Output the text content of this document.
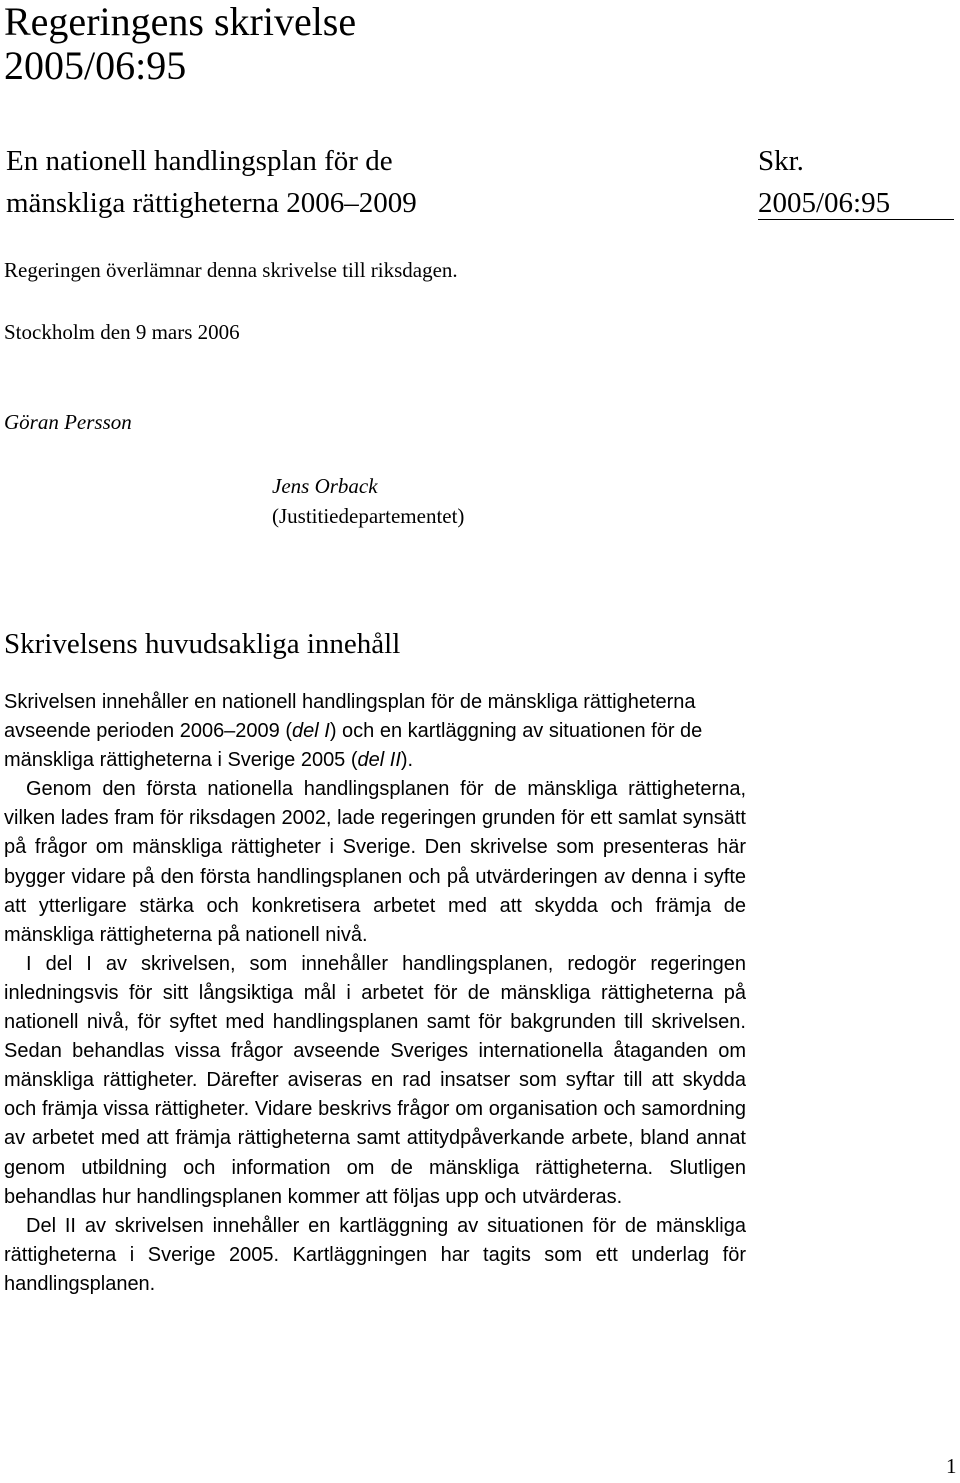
Regeringens skrivelse
2005/06:95
En nationell handlingsplan för de
mänskliga rättigheterna 2006–2009
Skr.
2005/06:95
Regeringen överlämnar denna skrivelse till riksdagen.
Stockholm den 9 mars 2006
Göran Persson
Jens Orback
(Justitiedepartementet)
Skrivelsens huvudsakliga innehåll

Skrivelsen innehåller en nationell handlingsplan för de mänskliga rättigheterna avseende perioden 2006–2009 (del I) och en kartläggning av situationen för de mänskliga rättigheterna i Sverige 2005 (del II).

Genom den första nationella handlingsplanen för de mänskliga rättigheterna, vilken lades fram för riksdagen 2002, lade regeringen grunden för ett samlat synsätt på frågor om mänskliga rättigheter i Sverige. Den skrivelse som presenteras här bygger vidare på den första handlingsplanen och på utvärderingen av denna i syfte att ytterligare stärka och konkretisera arbetet med att skydda och främja de mänskliga rättigheterna på nationell nivå.

I del I av skrivelsen, som innehåller handlingsplanen, redogör regeringen inledningsvis för sitt långsiktiga mål i arbetet för de mänskliga rättigheterna på nationell nivå, för syftet med handlingsplanen samt för bakgrunden till skrivelsen. Sedan behandlas vissa frågor avseende Sveriges internationella åtaganden om mänskliga rättigheter. Därefter aviseras en rad insatser som syftar till att skydda och främja vissa rättigheter. Vidare beskrivs frågor om organisation och samordning av arbetet med att främja rättigheterna samt attitydpåverkande arbete, bland annat genom utbildning och information om de mänskliga rättigheterna. Slutligen behandlas hur handlingsplanen kommer att följas upp och utvärderas.

Del II av skrivelsen innehåller en kartläggning av situationen för de mänskliga rättigheterna i Sverige 2005. Kartläggningen har tagits som ett underlag för handlingsplanen.

1
